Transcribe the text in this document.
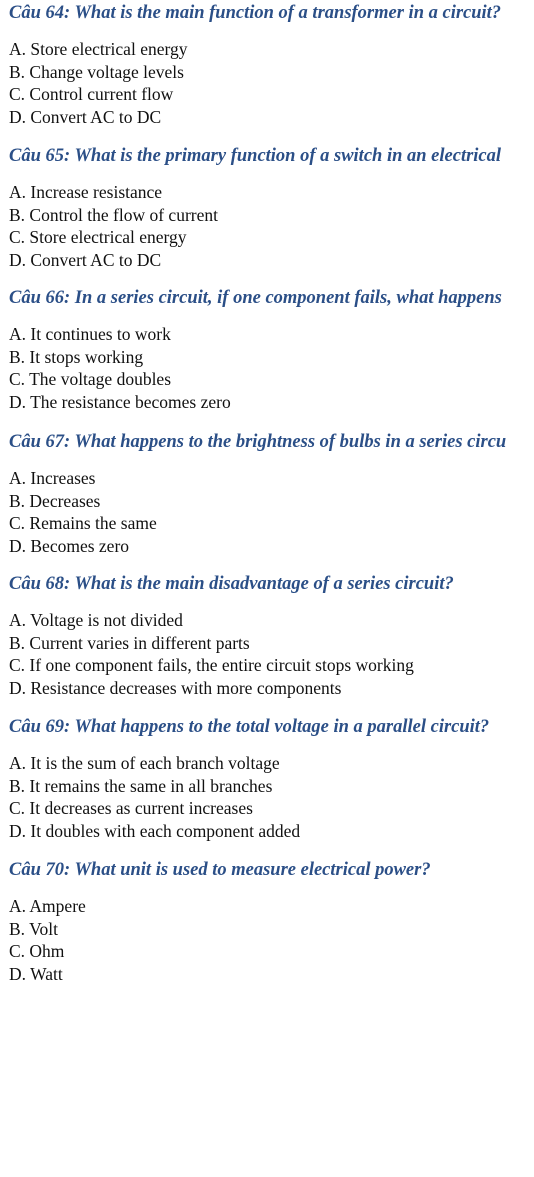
Câu 64: What is the main function of a transformer in a circuit?
A. Store electrical energy
B. Change voltage levels
C. Control current flow
D. Convert AC to DC
Câu 65: What is the primary function of a switch in an electrical
A. Increase resistance
B. Control the flow of current
C. Store electrical energy
D. Convert AC to DC
Câu 66: In a series circuit, if one component fails, what happens
A. It continues to work
B. It stops working
C. The voltage doubles
D. The resistance becomes zero
Câu 67: What happens to the brightness of bulbs in a series circu
A. Increases
B. Decreases
C. Remains the same
D. Becomes zero
Câu 68: What is the main disadvantage of a series circuit?
A. Voltage is not divided
B. Current varies in different parts
C. If one component fails, the entire circuit stops working
D. Resistance decreases with more components
Câu 69: What happens to the total voltage in a parallel circuit?
A. It is the sum of each branch voltage
B. It remains the same in all branches
C. It decreases as current increases
D. It doubles with each component added
Câu 70: What unit is used to measure electrical power?
A. Ampere
B. Volt
C. Ohm
D. Watt
